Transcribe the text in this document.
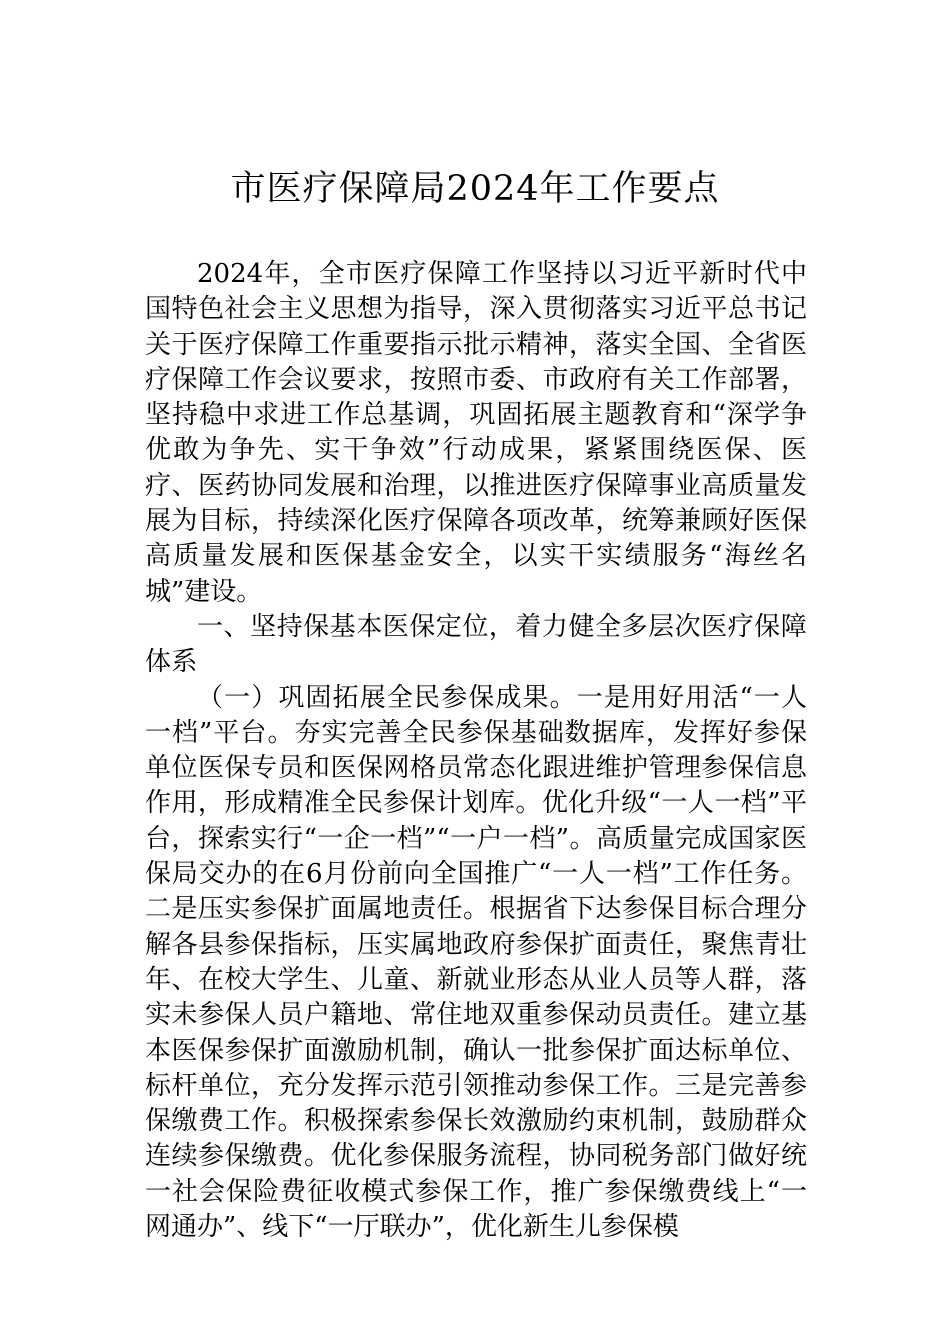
市医疗保障局2024年工作要点

2024年，全市医疗保障工作坚持以习近平新时代中国特色社会主义思想为指导，深入贯彻落实习近平总书记关于医疗保障工作重要指示批示精神，落实全国、全省医疗保障工作会议要求，按照市委、市政府有关工作部署，坚持稳中求进工作总基调，巩固拓展主题教育和“深学争优敢为争先、实干争效”行动成果，紧紧围绕医保、医疗、医药协同发展和治理，以推进医疗保障事业高质量发展为目标，持续深化医疗保障各项改革，统筹兼顾好医保高质量发展和医保基金安全，以实干实绩服务“海丝名城”建设。

一、坚持保基本医保定位，着力健全多层次医疗保障体系

（一）巩固拓展全民参保成果。一是用好用活“一人一档”平台。夯实完善全民参保基础数据库，发挥好参保单位医保专员和医保网格员常态化跟进维护管理参保信息作用，形成精准全民参保计划库。优化升级“一人一档”平台，探索实行“一企一档”“一户一档”。高质量完成国家医保局交办的在6月份前向全国推广“一人一档”工作任务。二是压实参保扩面属地责任。根据省下达参保目标合理分解各县参保指标，压实属地政府参保扩面责任，聚焦青壮年、在校大学生、儿童、新就业形态从业人员等人群，落实未参保人员户籍地、常住地双重参保动员责任。建立基本医保参保扩面激励机制，确认一批参保扩面达标单位、标杆单位，充分发挥示范引领推动参保工作。三是完善参保缴费工作。积极探索参保长效激励约束机制，鼓励群众连续参保缴费。优化参保服务流程，协同税务部门做好统一社会保险费征收模式参保工作，推广参保缴费线上“一网通办”、线下“一厅联办”，优化新生儿参保模
